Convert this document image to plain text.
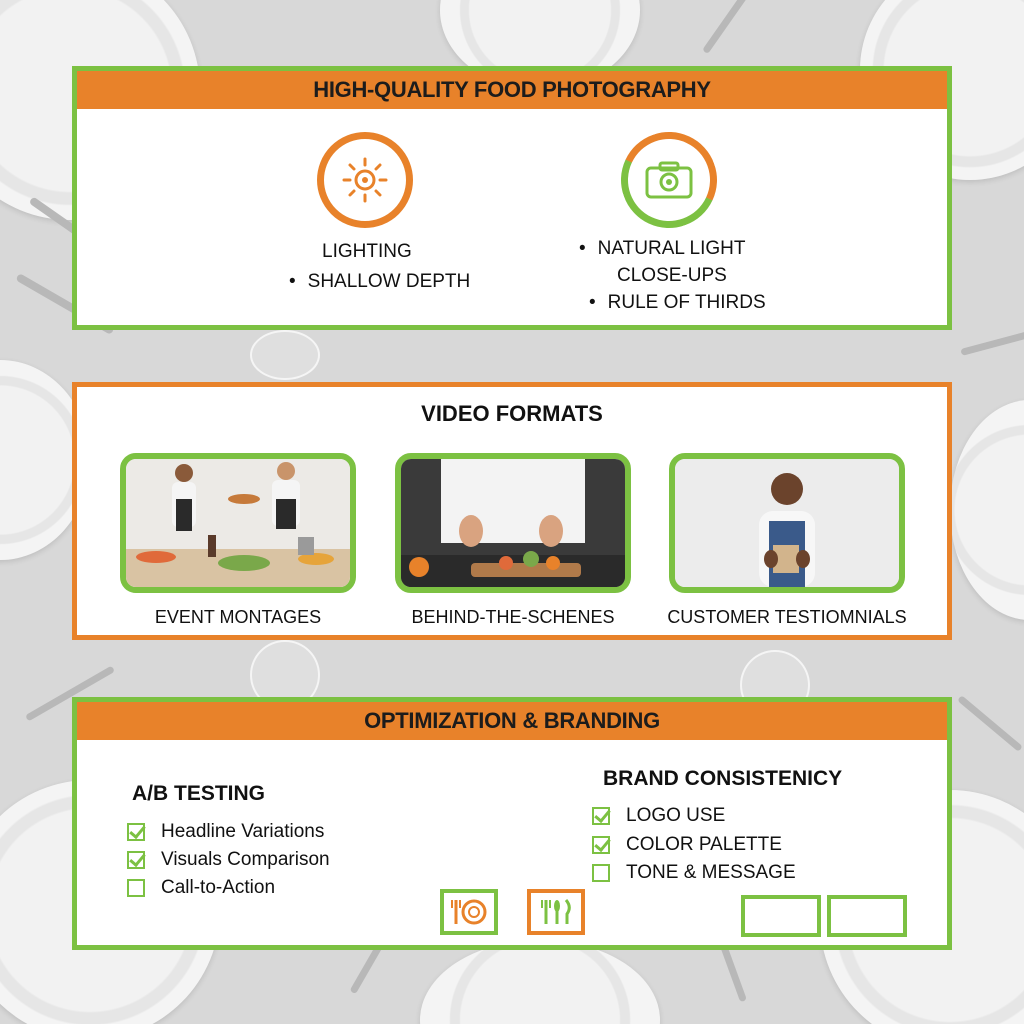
HIGH-QUALITY FOOD PHOTOGRAPHY
LIGHTING
• SHALLOW DEPTH
• NATURAL LIGHT
CLOSE-UPS
• RULE OF THIRDS
VIDEO FORMATS
EVENT MONTAGES	BEHIND-THE-SCHENES	CUSTOMER TESTIOMNIALS
OPTIMIZATION & BRANDING
A/B TESTING
Headline Variations
Visuals Comparison
Call-to-Action
BRAND CONSISTENICY
LOGO USE
COLOR PALETTE
TONE & MESSAGE
